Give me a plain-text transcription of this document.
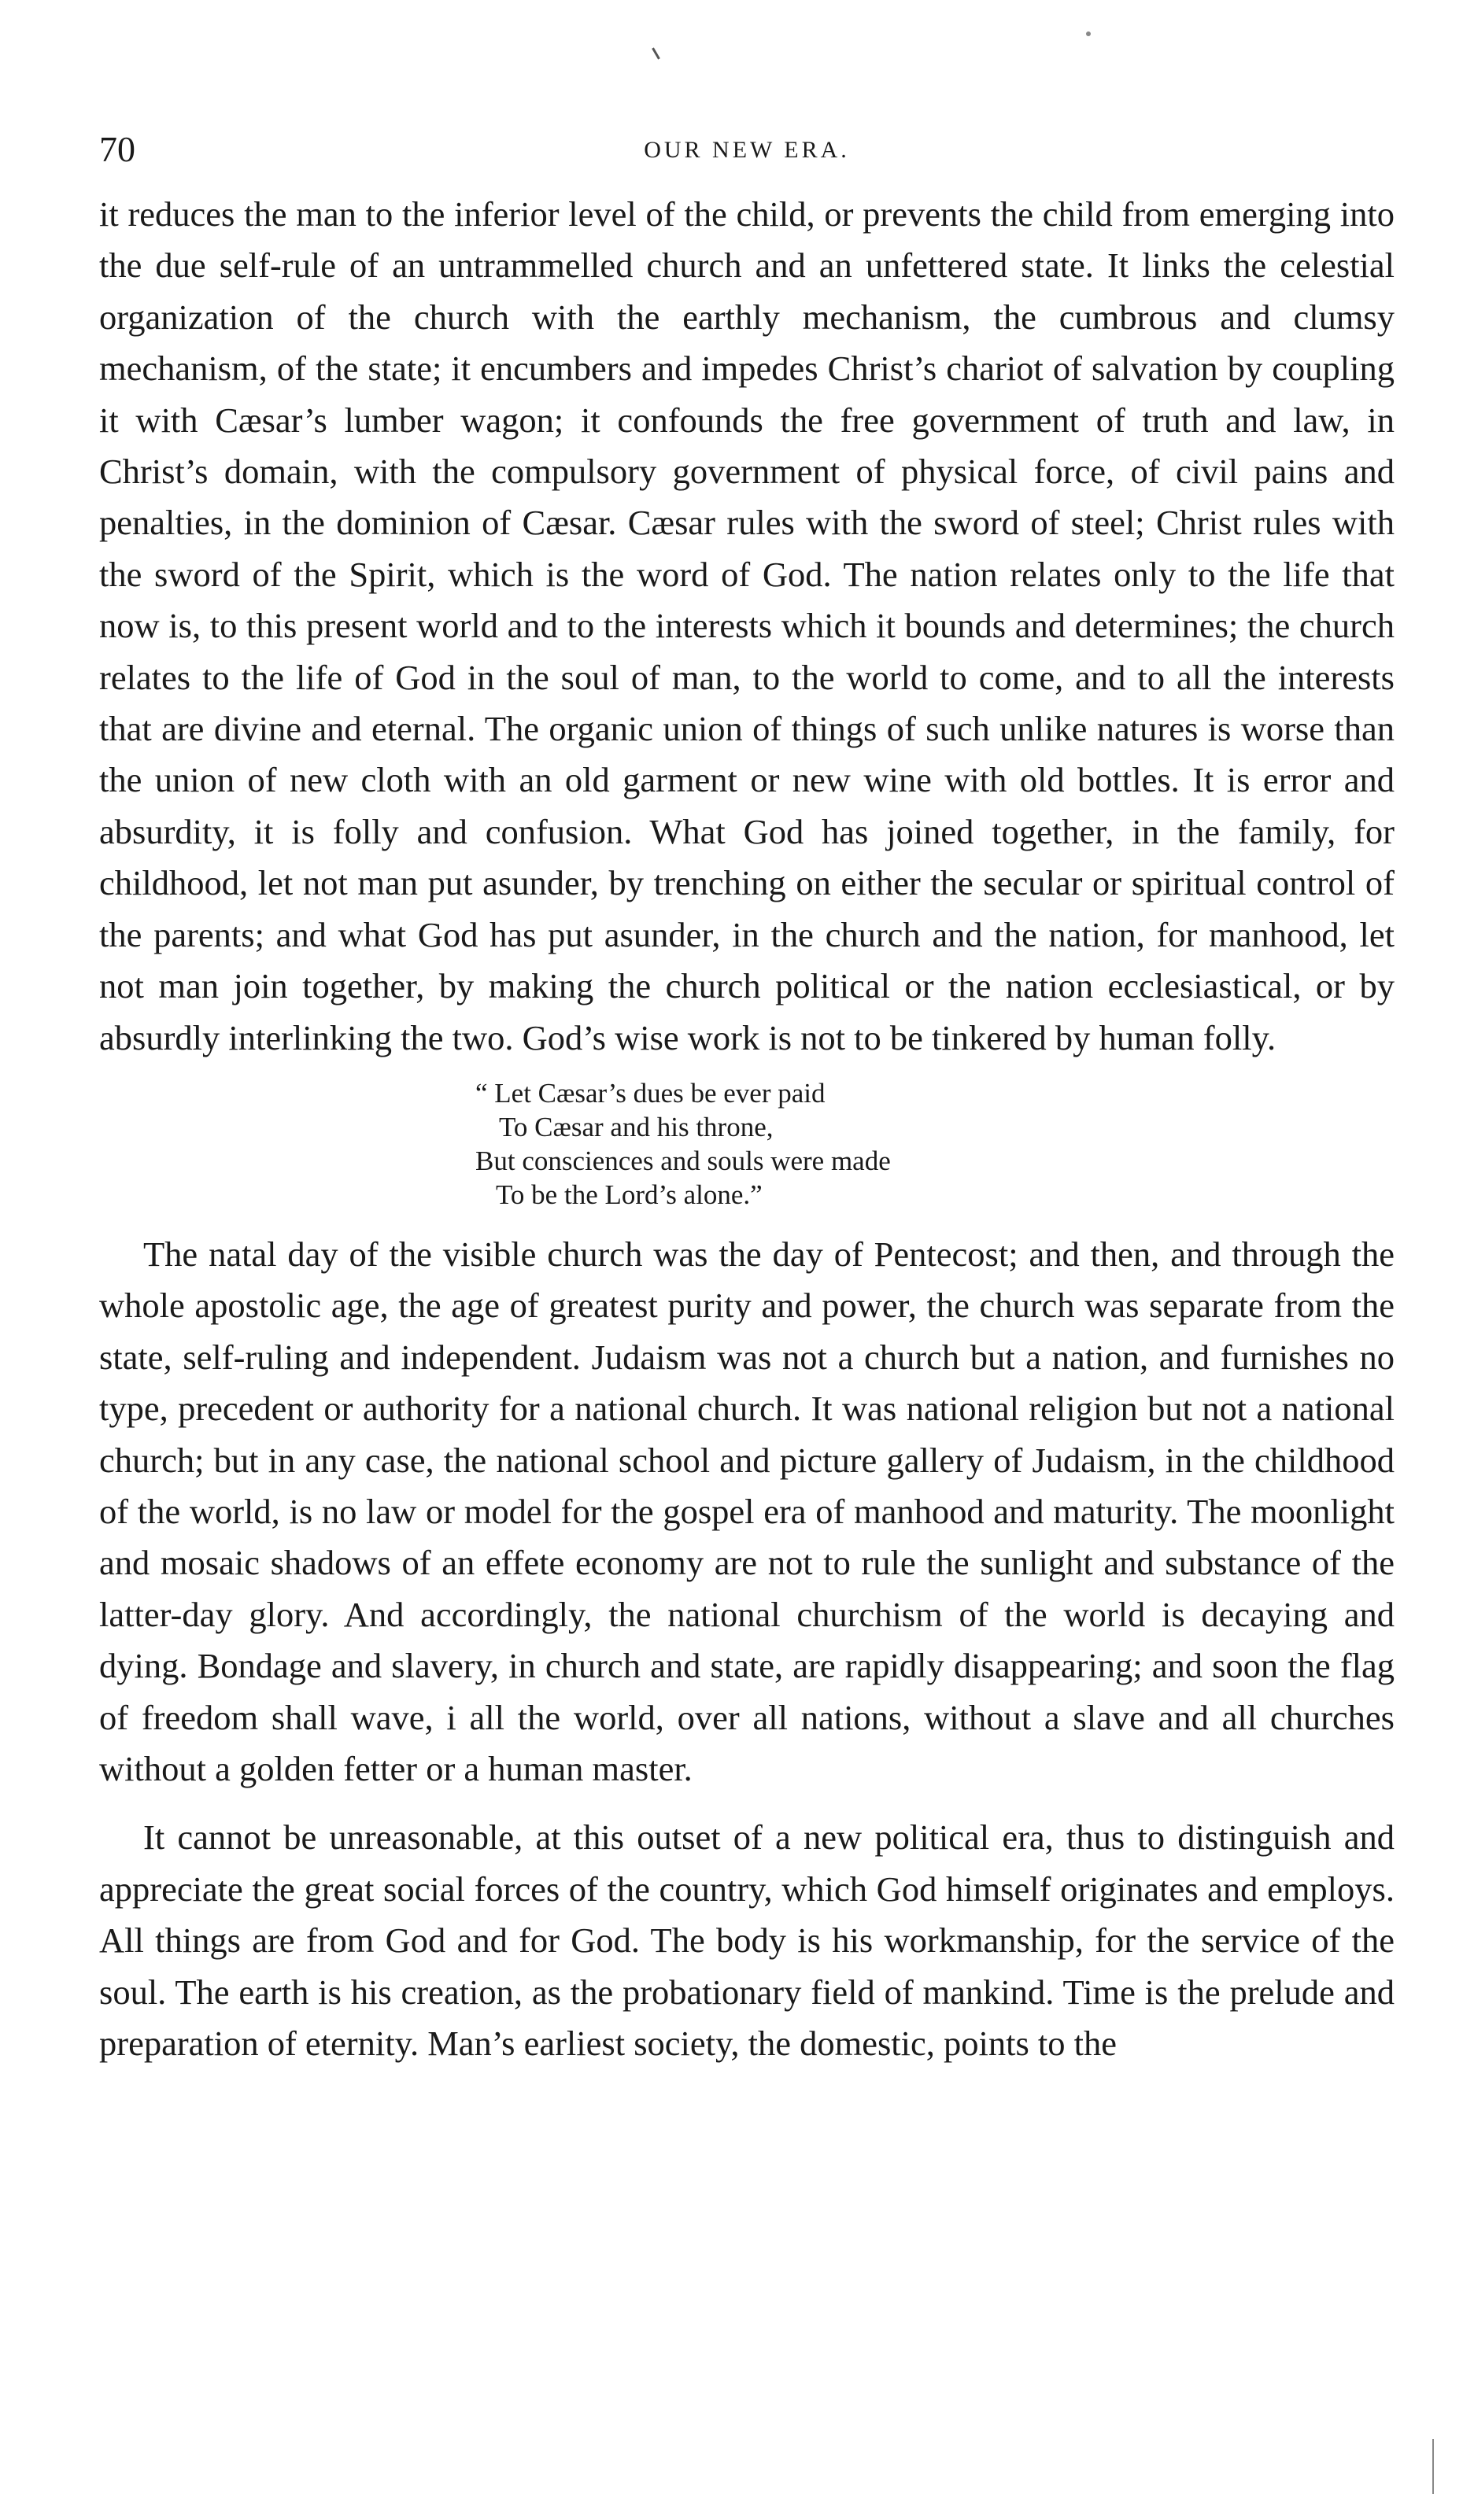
70	OUR NEW ERA.

it reduces the man to the inferior level of the child, or prevents the child from emerging into the due self-rule of an untrammelled church and an unfettered state. It links the celestial organization of the church with the earthly mechanism, the cumbrous and clumsy mechanism, of the state; it encumbers and impedes Christ’s chariot of salvation by coupling it with Cæsar’s lumber wagon; it confounds the free government of truth and law, in Christ’s domain, with the compulsory government of physical force, of civil pains and penalties, in the dominion of Cæsar. Cæsar rules with the sword of steel; Christ rules with the sword of the Spirit, which is the word of God. The nation relates only to the life that now is, to this present world and to the interests which it bounds and determines; the church relates to the life of God in the soul of man, to the world to come, and to all the interests that are divine and eternal. The organic union of things of such unlike natures is worse than the union of new cloth with an old garment or new wine with old bottles. It is error and absurdity, it is folly and confusion. What God has joined together, in the family, for childhood, let not man put asunder, by trenching on either the secular or spiritual control of the parents; and what God has put asunder, in the church and the nation, for manhood, let not man join together, by making the church political or the nation ecclesiastical, or by absurdly interlinking the two. God’s wise work is not to be tinkered by human folly.

“ Let Cæsar’s dues be ever paid
To Cæsar and his throne,
But consciences and souls were made
To be the Lord’s alone.”

The natal day of the visible church was the day of Pentecost; and then, and through the whole apostolic age, the age of greatest purity and power, the church was separate from the state, self-ruling and independent. Judaism was not a church but a nation, and furnishes no type, precedent or authority for a national church. It was national religion but not a national church; but in any case, the national school and picture gallery of Judaism, in the childhood of the world, is no law or model for the gospel era of manhood and maturity. The moonlight and mosaic shadows of an effete economy are not to rule the sunlight and substance of the latter-day glory. And accordingly, the national churchism of the world is decaying and dying. Bondage and slavery, in church and state, are rapidly disappearing; and soon the flag of freedom shall wave, i all the world, over all nations, without a slave and all churches without a golden fetter or a human master.

It cannot be unreasonable, at this outset of a new political era, thus to distinguish and appreciate the great social forces of the country, which God himself originates and employs. All things are from God and for God. The body is his workmanship, for the service of the soul. The earth is his creation, as the probationary field of mankind. Time is the prelude and preparation of eternity. Man’s earliest society, the domestic, points to the
